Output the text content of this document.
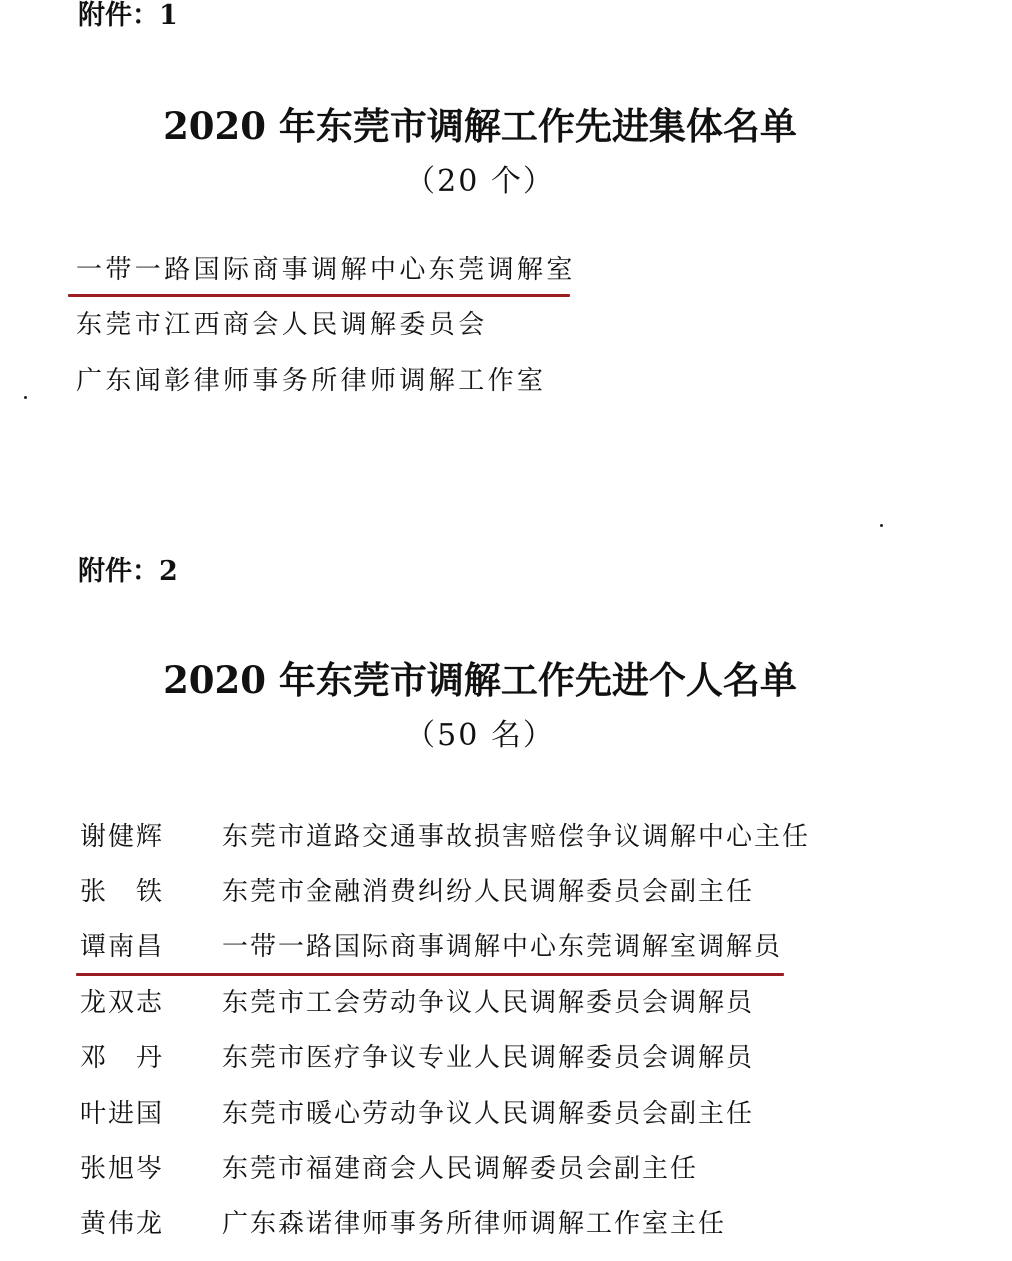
附件：1
2020 年东莞市调解工作先进集体名单
（20 个）
一带一路国际商事调解中心东莞调解室
东莞市江西商会人民调解委员会
广东闻彰律师事务所律师调解工作室
附件：2
2020 年东莞市调解工作先进个人名单
（50 名）
谢健辉	东莞市道路交通事故损害赔偿争议调解中心主任
张　铁	东莞市金融消费纠纷人民调解委员会副主任
谭南昌	一带一路国际商事调解中心东莞调解室调解员
龙双志	东莞市工会劳动争议人民调解委员会调解员
邓　丹	东莞市医疗争议专业人民调解委员会调解员
叶进国	东莞市暖心劳动争议人民调解委员会副主任
张旭岑	东莞市福建商会人民调解委员会副主任
黄伟龙	广东森诺律师事务所律师调解工作室主任
